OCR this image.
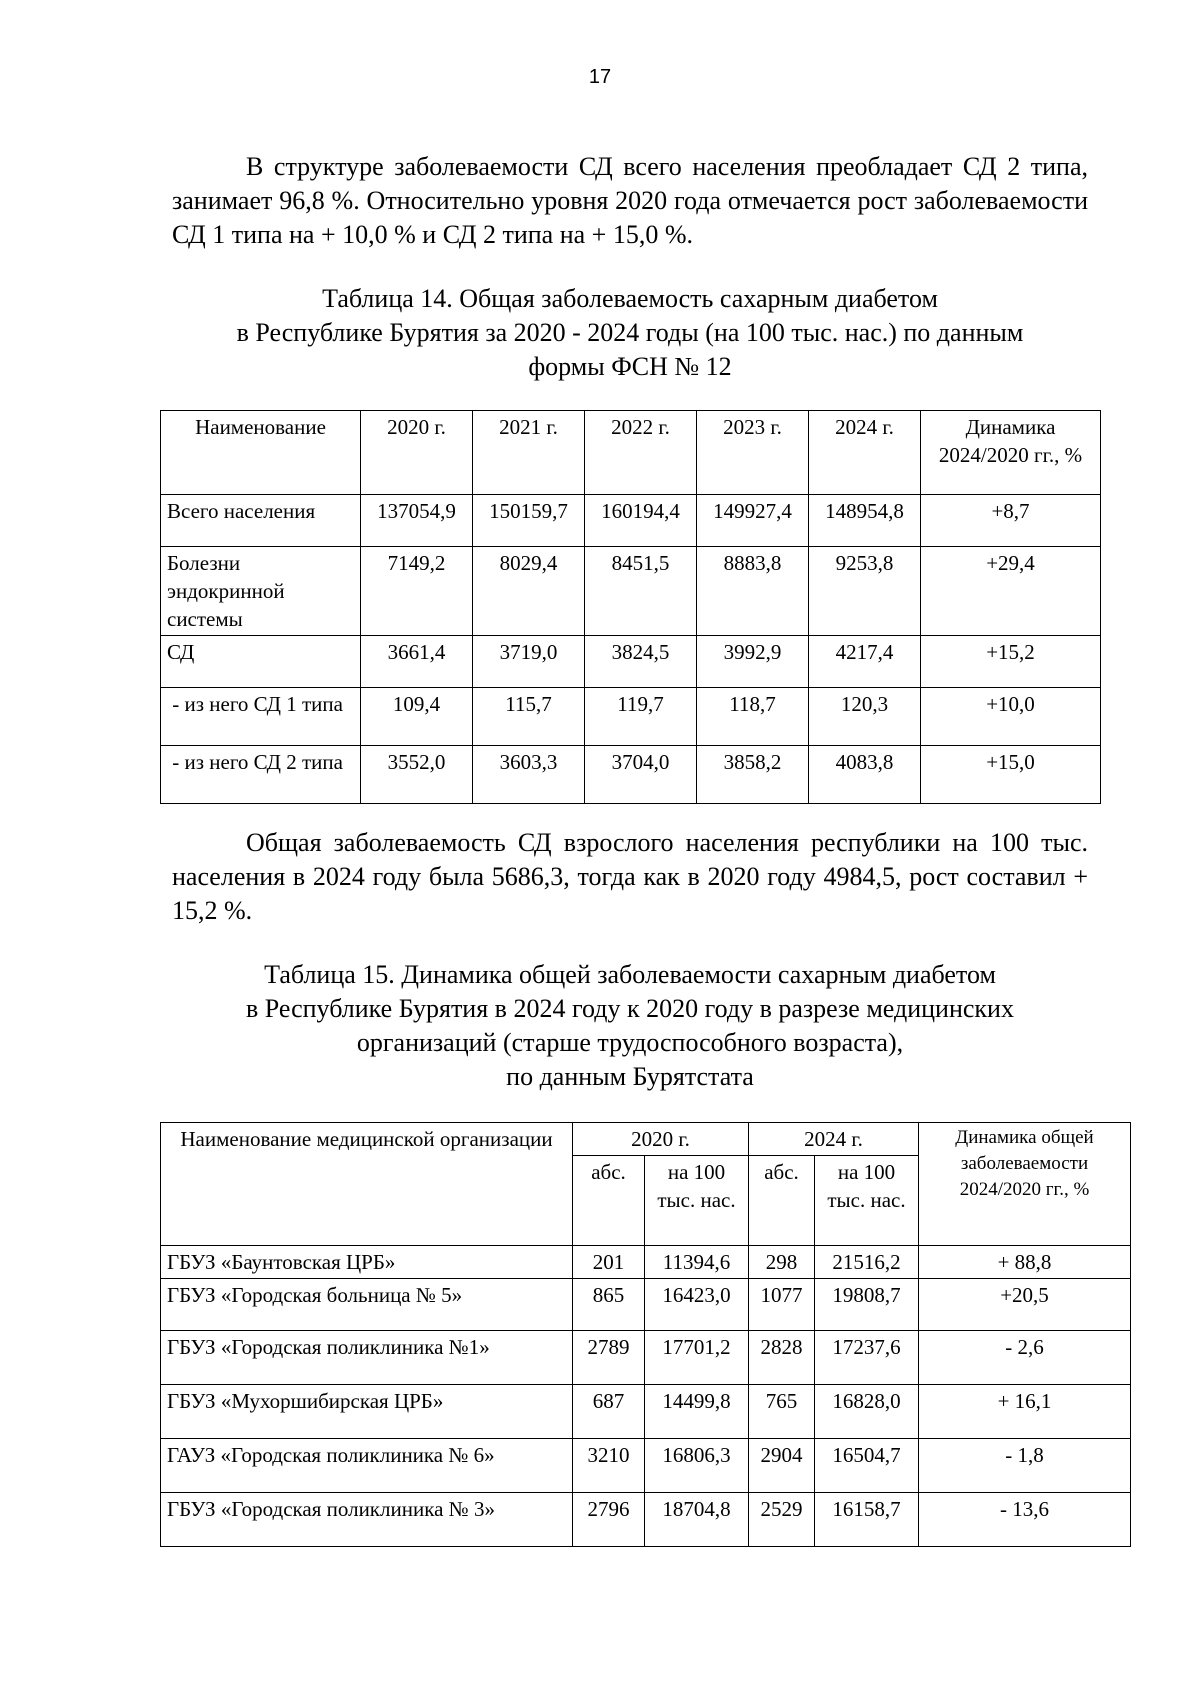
17

В структуре заболеваемости СД всего населения преобладает СД 2 типа, занимает 96,8 %. Относительно уровня 2020 года отмечается рост заболеваемости СД 1 типа на + 10,0 % и СД 2 типа на + 15,0 %.

Таблица 14. Общая заболеваемость сахарным диабетом
в Республике Бурятия за 2020 - 2024 годы (на 100 тыс. нас.) по данным
формы ФСН № 12
Наименование	2020 г.	2021 г.	2022 г.	2023 г.	2024 г.	Динамика 2024/2020 гг., %
Всего населения	137054,9	150159,7	160194,4	149927,4	148954,8	+8,7
Болезни эндокринной системы	7149,2	8029,4	8451,5	8883,8	9253,8	+29,4
СД	3661,4	3719,0	3824,5	3992,9	4217,4	+15,2
- из него СД 1 типа	109,4	115,7	119,7	118,7	120,3	+10,0
- из него СД 2 типа	3552,0	3603,3	3704,0	3858,2	4083,8	+15,0

Общая заболеваемость СД взрослого населения республики на 100 тыс. населения в 2024 году была 5686,3, тогда как в 2020 году 4984,5, рост составил + 15,2 %.

Таблица 15. Динамика общей заболеваемости сахарным диабетом
в Республике Бурятия в 2024 году к 2020 году в разрезе медицинских
организаций (старше трудоспособного возраста),
по данным Бурятстата
Наименование медицинской организации	2020 г.		2024 г.		Динамика общей заболеваемости 2024/2020 гг., %
	абс.	на 100 тыс. нас.	абс.	на 100 тыс. нас.	
ГБУЗ «Баунтовская ЦРБ»	201	11394,6	298	21516,2	+ 88,8
ГБУЗ «Городская больница № 5»	865	16423,0	1077	19808,7	+20,5
ГБУЗ «Городская поликлиника №1»	2789	17701,2	2828	17237,6	- 2,6
ГБУЗ «Мухоршибирская ЦРБ»	687	14499,8	765	16828,0	+ 16,1
ГАУЗ «Городская поликлиника № 6»	3210	16806,3	2904	16504,7	- 1,8
ГБУЗ «Городская поликлиника № 3»	2796	18704,8	2529	16158,7	- 13,6
